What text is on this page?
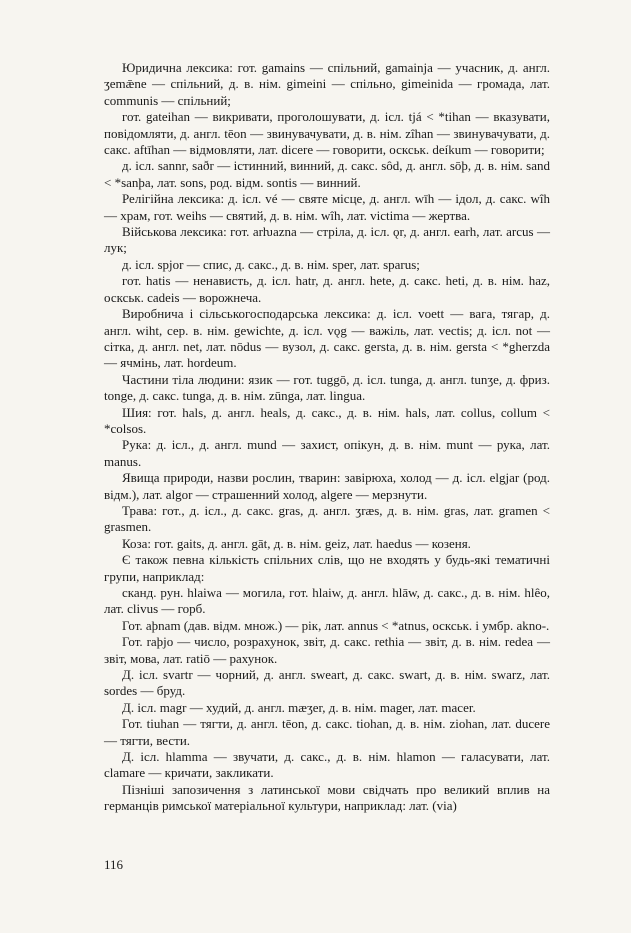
Юридична лексика: гот. gamains — спільний, gamainja — учасник, д. англ. ʒemǣne — спільний, д. в. нім. gimeini — спільно, gimeinida — громада, лат. communis — спільний;

гот. gateihan — викривати, проголошувати, д. ісл. tjá < *tihan — вказувати, повідомляти, д. англ. tēon — звинувачувати, д. в. нім. zîhan — звинувачувати, д. сакс. aftīhan — відмовляти, лат. dicere — говорити, оскськ. deíkum — говорити;

д. ісл. sannr, saðr — істинний, винний, д. сакс. sôd, д. англ. sōþ, д. в. нім. sand < *sanþa, лат. sons, род. відм. sontis — винний.

Релігійна лексика: д. ісл. vé — святе місце, д. англ. wīh — ідол, д. сакс. wîh — храм, гот. weihs — святий, д. в. нім. wîh, лат. victima — жертва.

Військова лексика: гот. arƕazna — стріла, д. ісл. ǫr, д. англ. earh, лат. arcus — лук;

д. ісл. spjor — спис, д. сакс., д. в. нім. sper, лат. sparus;

гот. hatis — ненависть, д. ісл. hatr, д. англ. hete, д. сакс. heti, д. в. нім. haz, оскськ. cadeis — ворожнеча.

Виробнича і сільськогосподарська лексика: д. ісл. voett — вага, тягар, д. англ. wiht, сер. в. нім. gewichte, д. ісл. vǫg — важіль, лат. vectis; д. ісл. not — сітка, д. англ. net, лат. nōdus — вузол, д. сакс. gersta, д. в. нім. gersta < *gherzda — ячмінь, лат. hordeum.

Частини тіла людини: язик — гот. tuggō, д. ісл. tunga, д. англ. tunʒe, д. фриз. tonge, д. сакс. tunga, д. в. нім. zūnga, лат. lingua.

Шия: гот. hals, д. англ. heals, д. сакс., д. в. нім. hals, лат. collus, collum < *colsos.

Рука: д. ісл., д. англ. mund — захист, опікун, д. в. нім. munt — рука, лат. manus.

Явища природи, назви рослин, тварин: завірюха, холод — д. ісл. elgjar (род. відм.), лат. algor — страшенний холод, algere — мерзнути.

Трава: гот., д. ісл., д. сакс. gras, д. англ. ʒræs, д. в. нім. gras, лат. gramen < grasmen.

Коза: гот. gaits, д. англ. gāt, д. в. нім. geiz, лат. haedus — козеня.

Є також певна кількість спільних слів, що не входять у будь-які тематичні групи, наприклад:

сканд. рун. hlaiwa — могила, гот. hlaiw, д. англ. hlāw, д. сакс., д. в. нім. hlêo, лат. clivus — горб.

Гот. aþnam (дав. відм. множ.) — рік, лат. annus < *atnus, оскськ. і умбр. akno-.

Гот. raþjo — число, розрахунок, звіт, д. сакс. rethia — звіт, д. в. нім. redea — звіт, мова, лат. ratiō — рахунок.

Д. ісл. svartr — чорний, д. англ. sweart, д. сакс. swart, д. в. нім. swarz, лат. sordes — бруд.

Д. ісл. magr — худий, д. англ. mæʒer, д. в. нім. mager, лат. macer.

Гот. tiuhan — тягти, д. англ. tēon, д. сакс. tiohan, д. в. нім. ziohan, лат. ducere — тягти, вести.

Д. ісл. hlamma — звучати, д. сакс., д. в. нім. hlamon — галасувати, лат. clamare — кричати, закликати.

Пізніші запозичення з латинської мови свідчать про великий вплив на германців римської матеріальної культури, наприклад: лат. (via)

116
